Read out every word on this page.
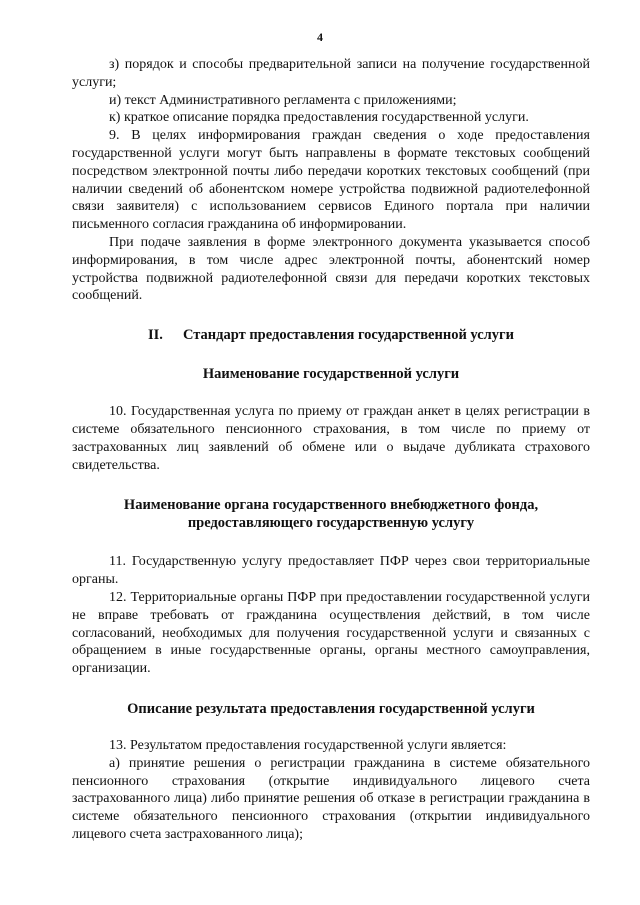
4

з) порядок и способы предварительной записи на получение государственной услуги;

и) текст Административного регламента с приложениями;

к) краткое описание порядка предоставления государственной услуги.

9. В целях информирования граждан сведения о ходе предоставления государственной услуги могут быть направлены в формате текстовых сообщений посредством электронной почты либо передачи коротких текстовых сообщений (при наличии сведений об абонентском номере устройства подвижной радиотелефонной связи заявителя) с использованием сервисов Единого портала при наличии письменного согласия гражданина об информировании.

При подаче заявления в форме электронного документа указывается способ информирования, в том числе адрес электронной почты, абонентский номер устройства подвижной радиотелефонной связи для передачи коротких текстовых сообщений.

II. Стандарт предоставления государственной услуги
Наименование государственной услуги

10. Государственная услуга по приему от граждан анкет в целях регистрации в системе обязательного пенсионного страхования, в том числе по приему от застрахованных лиц заявлений об обмене или о выдаче дубликата страхового свидетельства.

Наименование органа государственного внебюджетного фонда,
предоставляющего государственную услугу

11. Государственную услугу предоставляет ПФР через свои территориальные органы.

12. Территориальные органы ПФР при предоставлении государственной услуги не вправе требовать от гражданина осуществления действий, в том числе согласований, необходимых для получения государственной услуги и связанных с обращением в иные государственные органы, органы местного самоуправления, организации.

Описание результата предоставления государственной услуги

13. Результатом предоставления государственной услуги является:

а) принятие решения о регистрации гражданина в системе обязательного пенсионного страхования (открытие индивидуального лицевого счета застрахованного лица) либо принятие решения об отказе в регистрации гражданина в системе обязательного пенсионного страхования (открытии индивидуального лицевого счета застрахованного лица);
